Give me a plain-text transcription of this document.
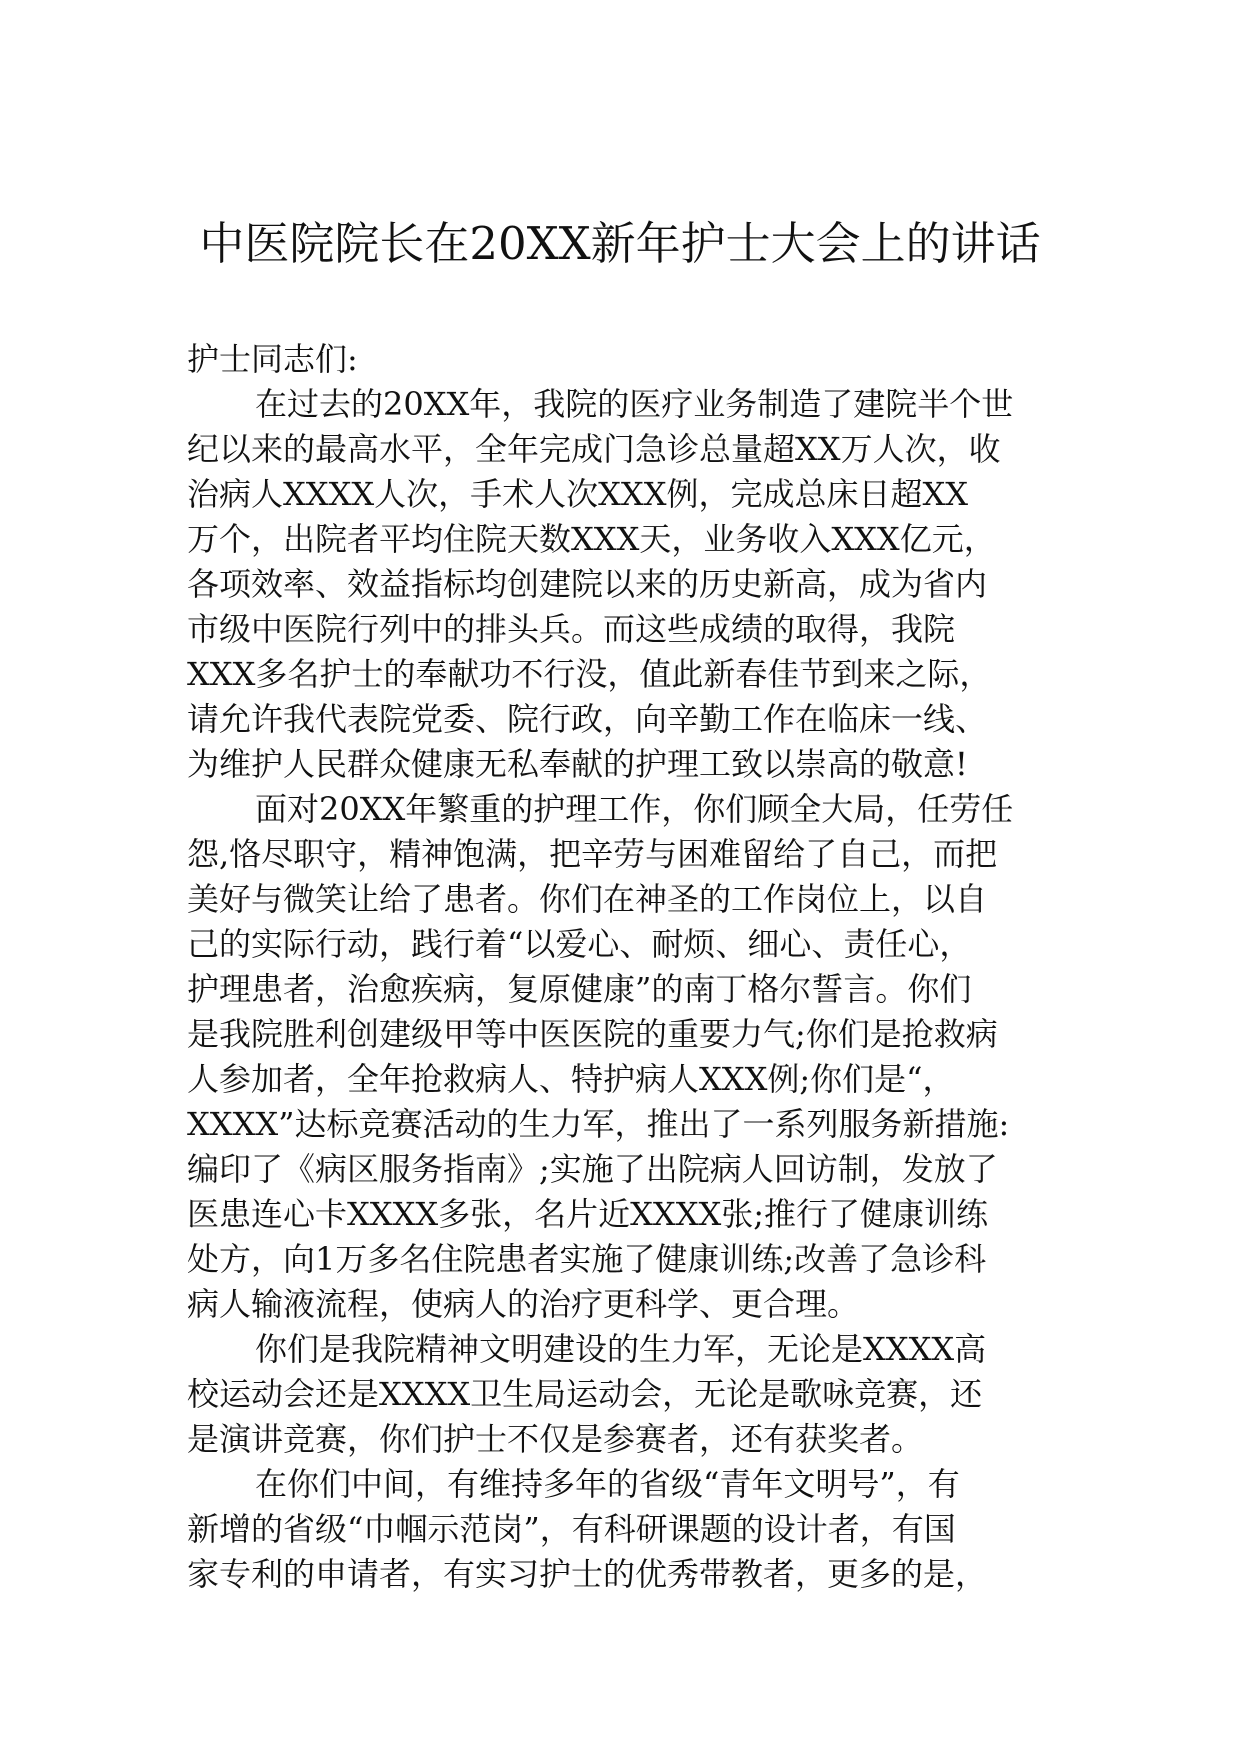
中医院院长在20XX新年护士大会上的讲话
护士同志们:
在过去的20XX年，我院的医疗业务制造了建院半个世
纪以来的最高水平，全年完成门急诊总量超XX万人次，收
治病人XXXX人次，手术人次XXX例，完成总床日超XX
万个，出院者平均住院天数XXX天，业务收入XXX亿元，
各项效率、效益指标均创建院以来的历史新高，成为省内
市级中医院行列中的排头兵。而这些成绩的取得，我院
XXX多名护士的奉献功不行没，值此新春佳节到来之际，
请允许我代表院党委、院行政，向辛勤工作在临床一线、
为维护人民群众健康无私奉献的护理工致以崇高的敬意!
面对20XX年繁重的护理工作，你们顾全大局，任劳任
怨,恪尽职守，精神饱满，把辛劳与困难留给了自己，而把
美好与微笑让给了患者。你们在神圣的工作岗位上，以自
己的实际行动，践行着“以爱心、耐烦、细心、责任心，
护理患者，治愈疾病，复原健康”的南丁格尔誓言。你们
是我院胜利创建级甲等中医医院的重要力气;你们是抢救病
人参加者，全年抢救病人、特护病人XXX例;你们是“，
XXXX”达标竞赛活动的生力军，推出了一系列服务新措施:
编印了《病区服务指南》;实施了出院病人回访制，发放了
医患连心卡XXXX多张，名片近XXXX张;推行了健康训练
处方，向1万多名住院患者实施了健康训练;改善了急诊科
病人输液流程，使病人的治疗更科学、更合理。
你们是我院精神文明建设的生力军，无论是XXXX高
校运动会还是XXXX卫生局运动会，无论是歌咏竞赛，还
是演讲竞赛，你们护士不仅是参赛者，还有获奖者。
在你们中间，有维持多年的省级“青年文明号”，有
新增的省级“巾帼示范岗”，有科研课题的设计者，有国
家专利的申请者，有实习护士的优秀带教者，更多的是，
